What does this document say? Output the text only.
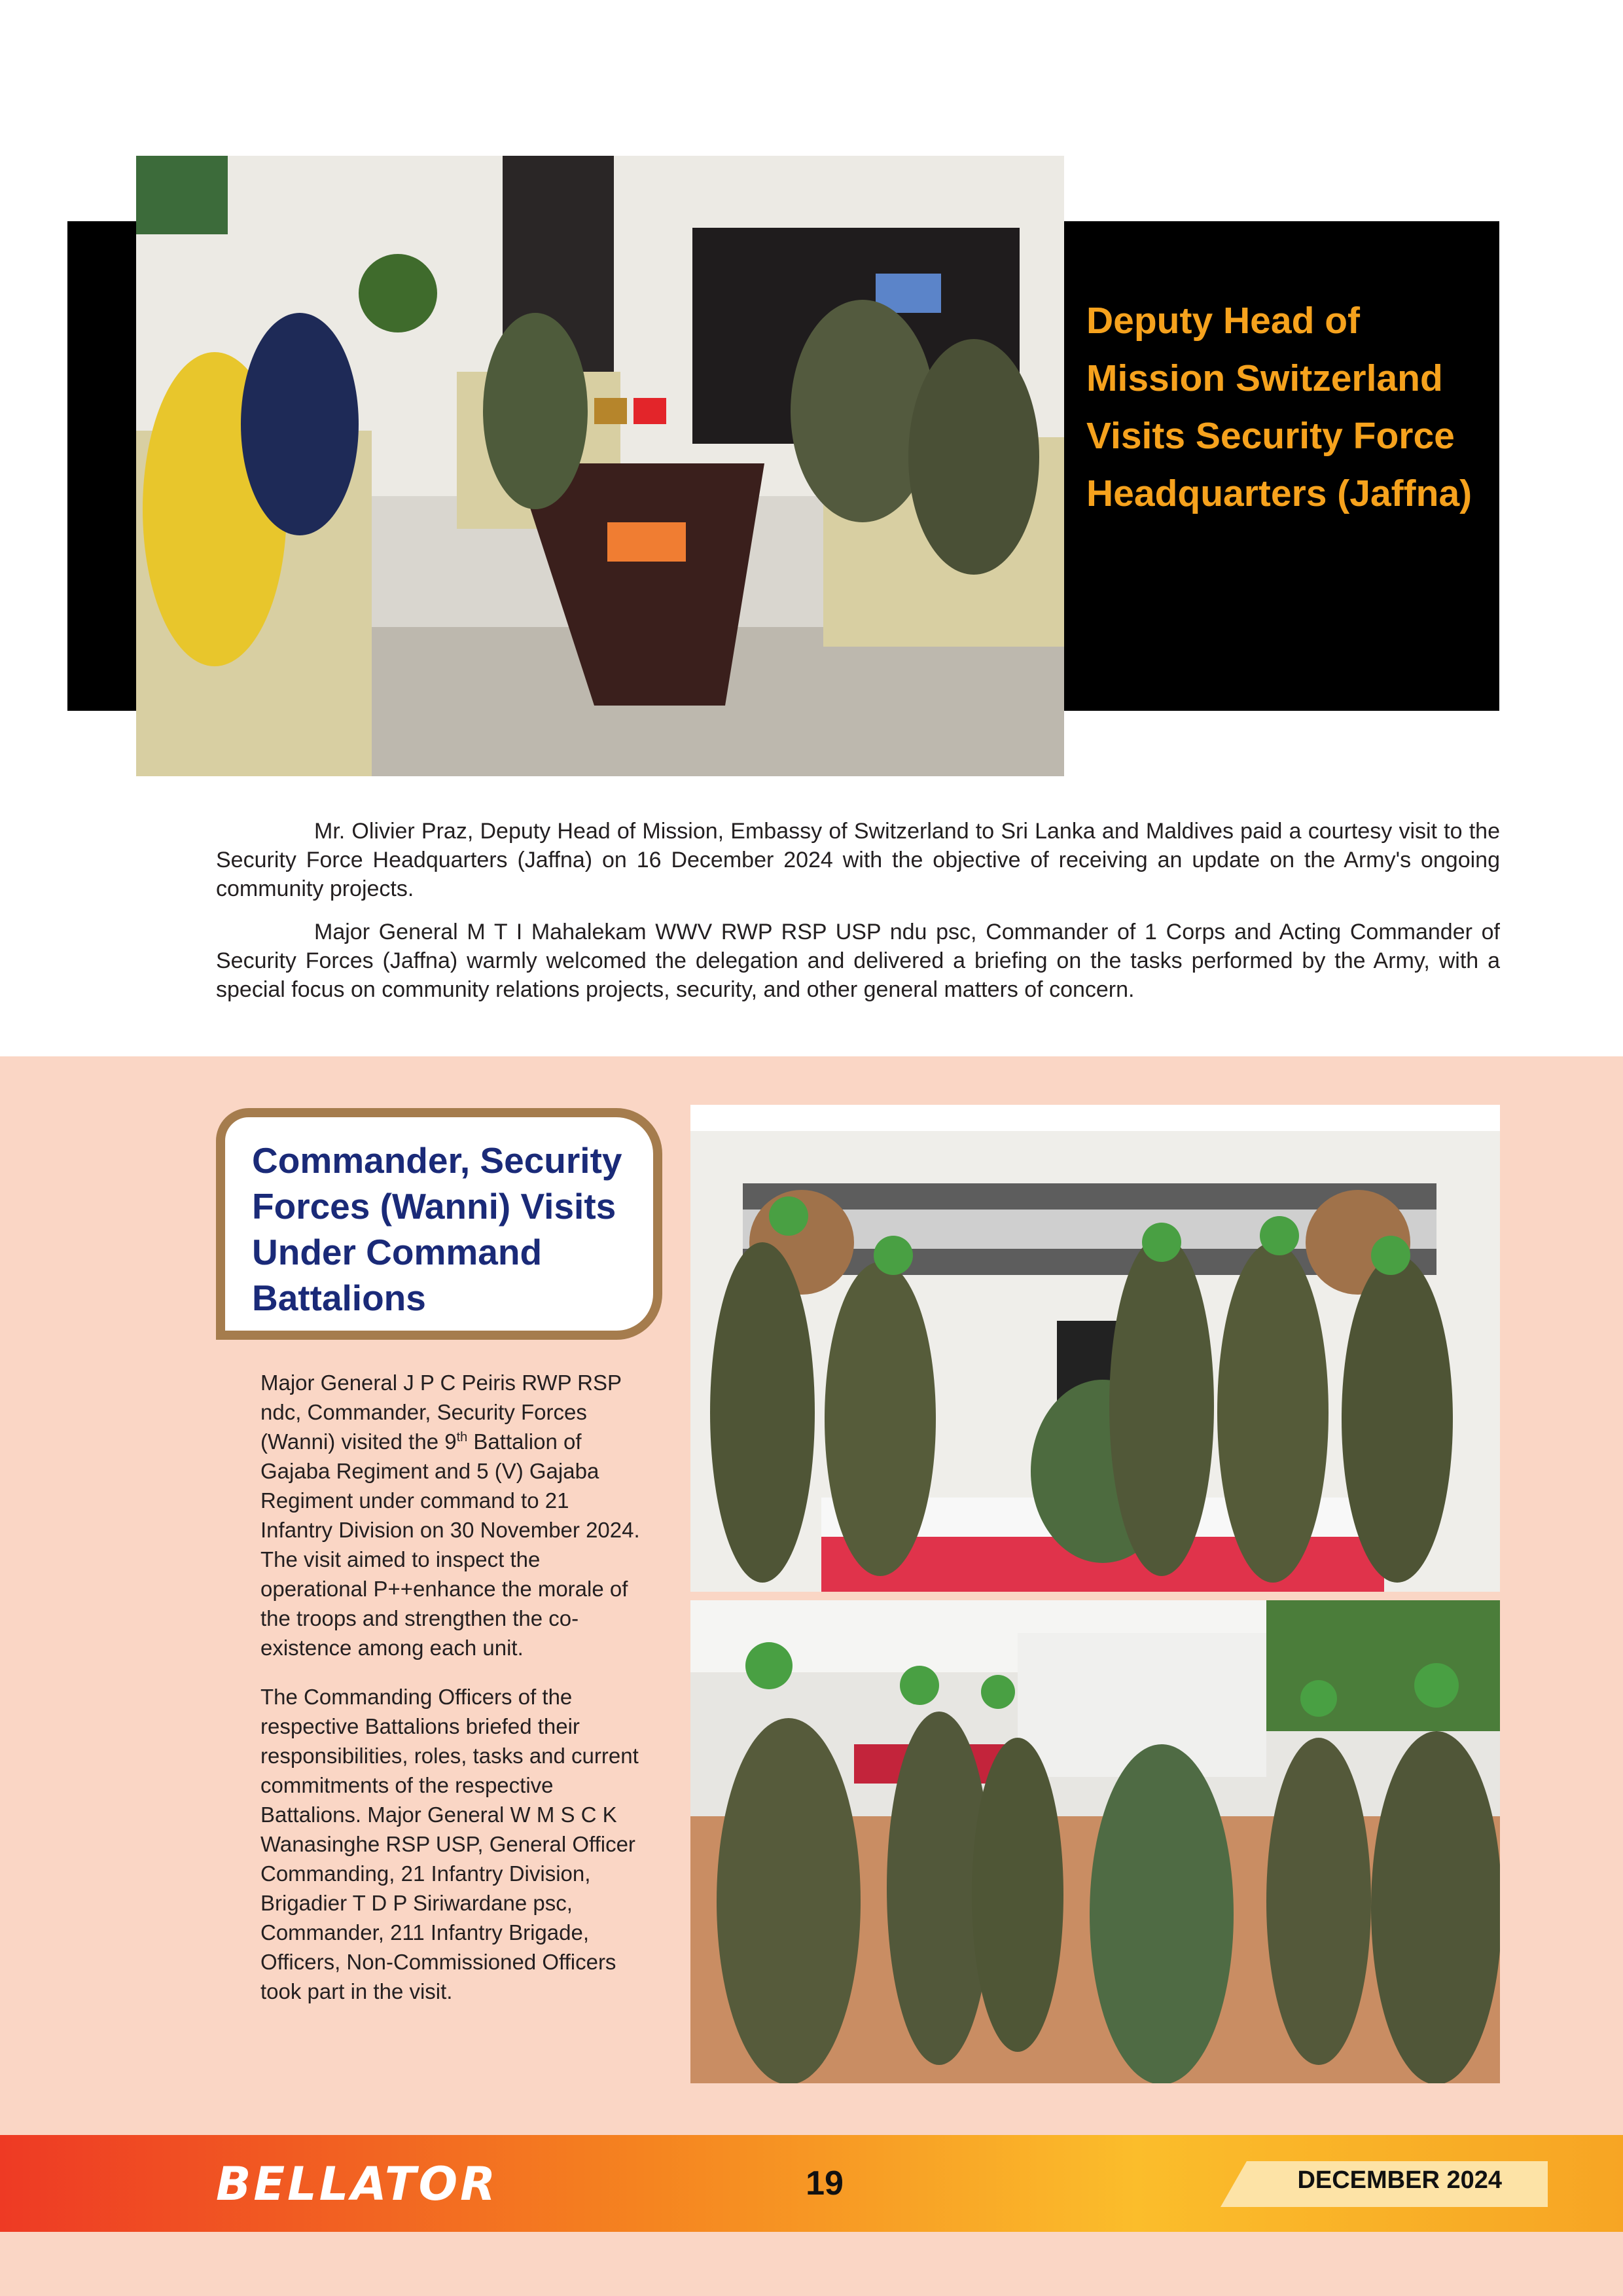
Deputy Head of Mission Switzerland Visits Security Force Headquarters (Jaffna)

Mr. Olivier Praz, Deputy Head of Mission, Embassy of Switzerland to Sri Lanka and Maldives paid a courtesy visit to the Security Force Headquarters (Jaffna) on 16 December 2024 with the objective of receiving an update on the Army's ongoing community projects.

Major General M T I Mahalekam WWV RWP RSP USP ndu psc, Commander of 1 Corps and Acting Commander of Security Forces (Jaffna) warmly welcomed the delegation and delivered a briefing on the tasks performed by the Army, with a special focus on community relations projects, security, and other general matters of concern.

Commander, Security Forces (Wanni) Visits Under Command Battalions

Major General J P C Peiris RWP RSP ndc, Commander, Security Forces (Wanni) visited the 9th Battalion of Gajaba Regiment and 5 (V) Gajaba Regiment under command to 21 Infantry Division on 30 November 2024. The visit aimed to inspect the operational P++enhance the morale of the troops and strengthen the co-existence among each unit.

The Commanding Officers of the respective Battalions briefed their responsibilities, roles, tasks and current commitments of the respective Battalions. Major General W M S C K Wanasinghe RSP USP, General Officer Commanding, 21 Infantry Division, Brigadier T D P Siriwardane psc, Commander, 211 Infantry Brigade, Officers, Non-Commissioned Officers took part in the visit.

BELLATOR	19	DECEMBER 2024
